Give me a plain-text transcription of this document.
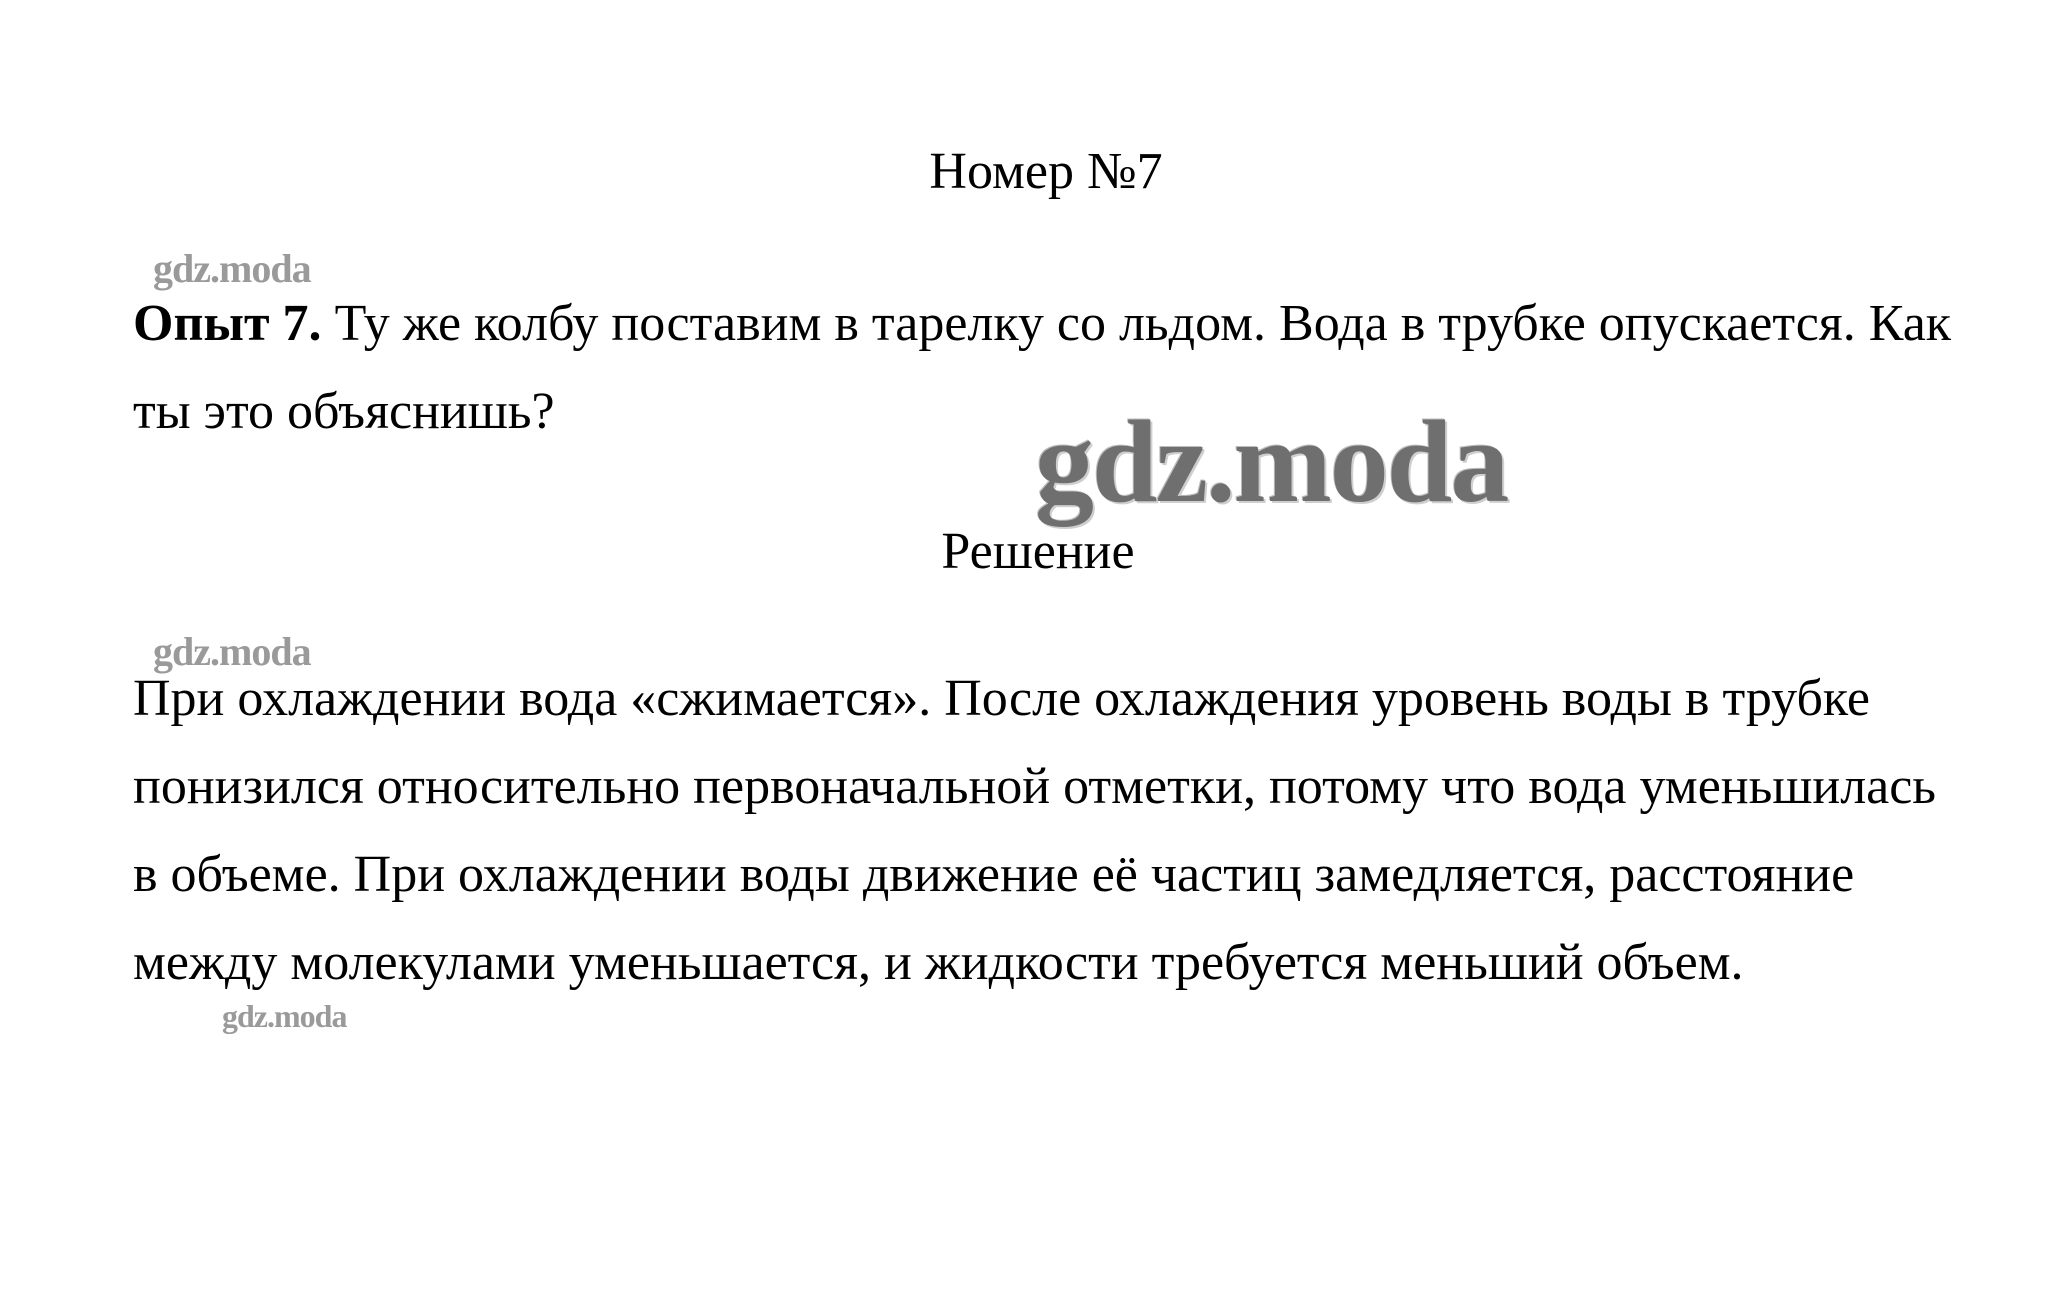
Номер №7
gdz.moda
Опыт 7. Ту же колбу поставим в тарелку со льдом. Вода в трубке опускается. Как ты это объяснишь?	gdz.moda
Решение
gdz.moda
При охлаждении вода «сжимается». После охлаждения уровень воды в трубке понизился относительно первоначальной отметки, потому что вода уменьшилась в объеме. При охлаждении воды движение её частиц замедляется, расстояние между молекулами уменьшается, и жидкости требуется меньший объем.
gdz.moda
